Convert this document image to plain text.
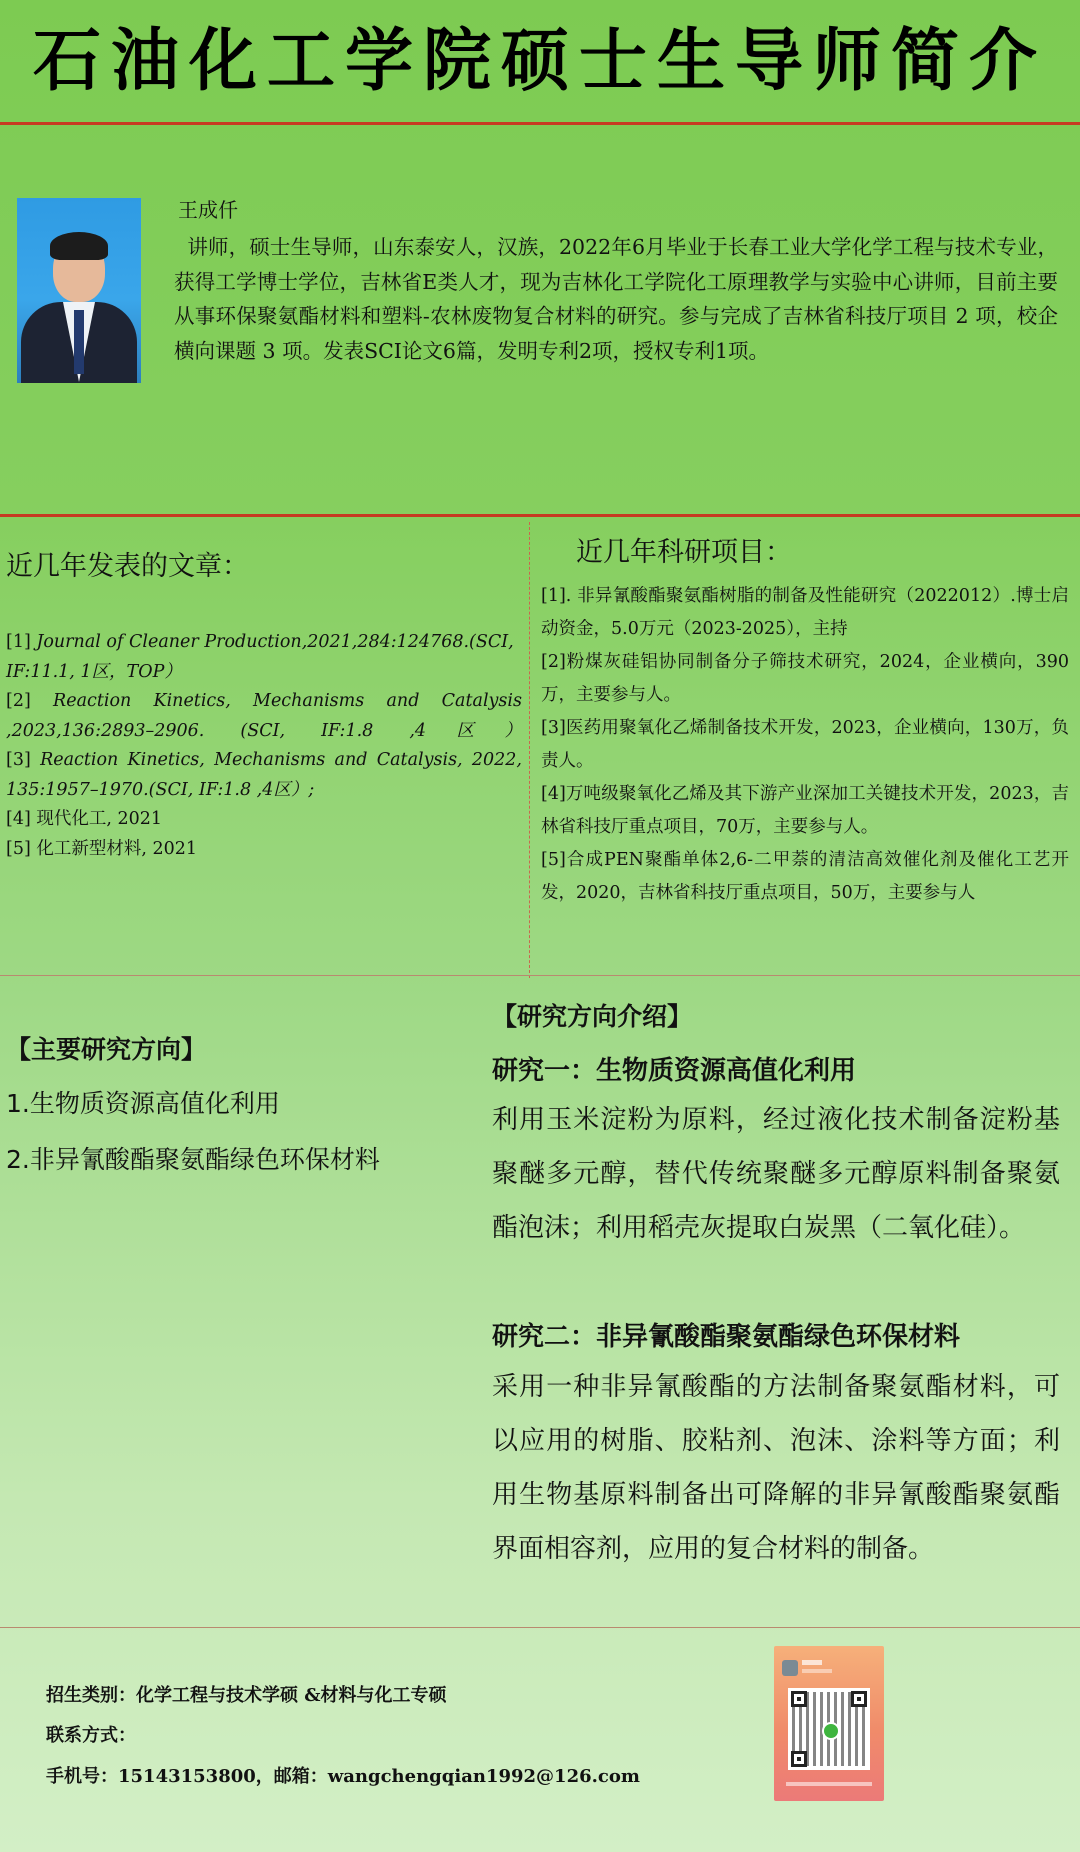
石油化工学院硕士生导师简介
王成仟
讲师，硕士生导师，山东泰安人，汉族，2022年6月毕业于长春工业大学化学工程与技术专业，获得工学博士学位，吉林省E类人才，现为吉林化工学院化工原理教学与实验中心讲师，目前主要从事环保聚氨酯材料和塑料-农林废物复合材料的研究。参与完成了吉林省科技厅项目 2 项，校企横向课题 3 项。发表SCI论文6篇，发明专利2项，授权专利1项。
近几年发表的文章：
[1] Journal of Cleaner Production,2021,284:124768.(SCI, IF:11.1, 1区，TOP）
[2] Reaction Kinetics, Mechanisms and Catalysis ,2023,136:2893–2906. (SCI, IF:1.8 ,4区）
[3] Reaction Kinetics, Mechanisms and Catalysis, 2022, 135:1957–1970.(SCI, IF:1.8 ,4区）;
[4] 现代化工, 2021
[5] 化工新型材料, 2021
近几年科研项目：
[1]. 非异氰酸酯聚氨酯树脂的制备及性能研究（2022012）.博士启动资金，5.0万元（2023-2025），主持
[2]粉煤灰硅铝协同制备分子筛技术研究，2024，企业横向，390万，主要参与人。
[3]医药用聚氧化乙烯制备技术开发，2023，企业横向，130万，负责人。
[4]万吨级聚氧化乙烯及其下游产业深加工关键技术开发，2023，吉林省科技厅重点项目，70万，主要参与人。
[5]合成PEN聚酯单体2,6-二甲萘的清洁高效催化剂及催化工艺开发，2020，吉林省科技厅重点项目，50万，主要参与人
【主要研究方向】
1.生物质资源高值化利用
2.非异氰酸酯聚氨酯绿色环保材料
【研究方向介绍】
研究一：生物质资源高值化利用
利用玉米淀粉为原料，经过液化技术制备淀粉基聚醚多元醇，替代传统聚醚多元醇原料制备聚氨酯泡沫；利用稻壳灰提取白炭黑（二氧化硅）。
研究二：非异氰酸酯聚氨酯绿色环保材料
采用一种非异氰酸酯的方法制备聚氨酯材料，可以应用的树脂、胶粘剂、泡沫、涂料等方面；利用生物基原料制备出可降解的非异氰酸酯聚氨酯界面相容剂，应用的复合材料的制备。
招生类别：化学工程与技术学硕 &材料与化工专硕
联系方式：
手机号：15143153800，邮箱：wangchengqian1992@126.com
